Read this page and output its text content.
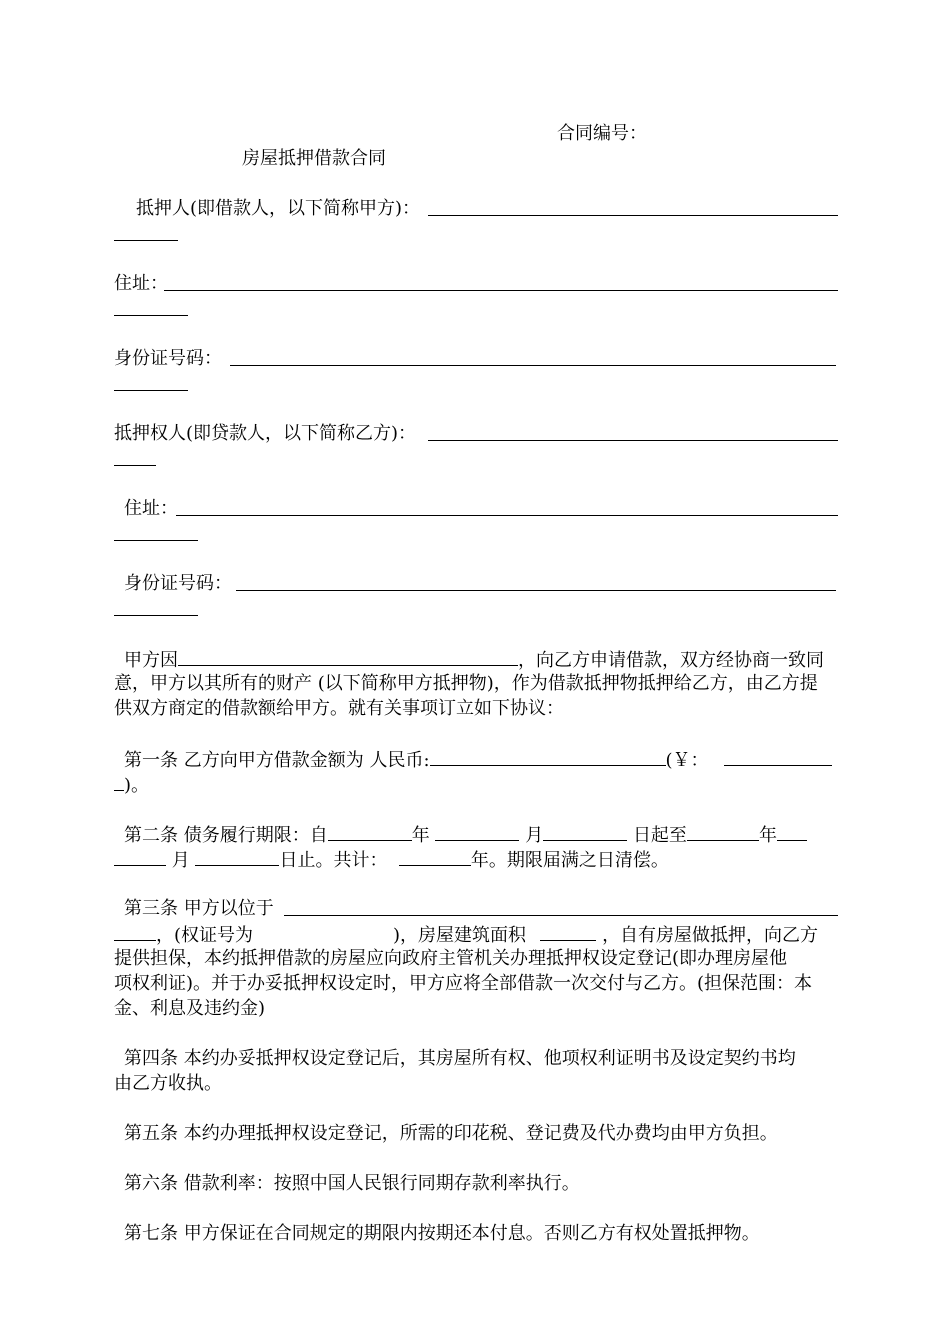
合同编号：
房屋抵押借款合同
抵押人(即借款人，以下简称甲方)：
住址：
身份证号码：
抵押权人(即贷款人，以下简称乙方)：
住址：
身份证号码：
甲方因	，向乙方申请借款，双方经协商一致同
意，甲方以其所有的财产 (以下简称甲方抵押物)，作为借款抵押物抵押给乙方，由乙方提
供双方商定的借款额给甲方。就有关事项订立如下协议：
第一条 乙方向甲方借款金额为 人民币:	(￥：
)。
第二条 债务履行期限：自	年	月	日起至	年
月	日止。共计：	年。期限届满之日清偿。
第三条 甲方以位于
，(权证号为	)，房屋建筑面积	，自有房屋做抵押，向乙方
提供担保，本约抵押借款的房屋应向政府主管机关办理抵押权设定登记(即办理房屋他
项权利证)。并于办妥抵押权设定时，甲方应将全部借款一次交付与乙方。(担保范围：本
金、利息及违约金)
第四条 本约办妥抵押权设定登记后，其房屋所有权、他项权利证明书及设定契约书均
由乙方收执。
第五条 本约办理抵押权设定登记，所需的印花税、登记费及代办费均由甲方负担。
第六条 借款利率：按照中国人民银行同期存款利率执行。
第七条 甲方保证在合同规定的期限内按期还本付息。否则乙方有权处置抵押物。
